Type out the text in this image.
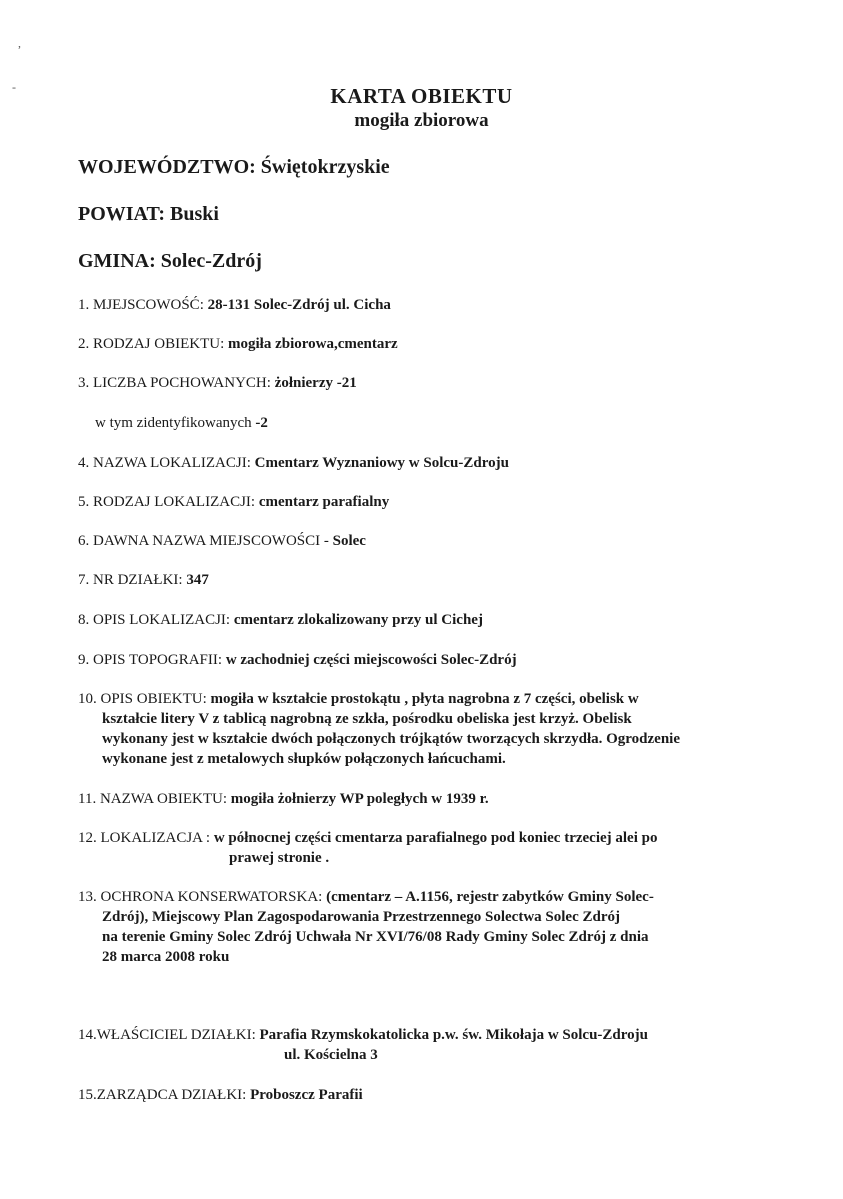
,
-	KARTA OBIEKTU
mogiła zbiorowa
WOJEWÓDZTWO: Świętokrzyskie
POWIAT: Buski
GMINA: Solec-Zdrój
1. MJEJSCOWOŚĆ: 28-131 Solec-Zdrój ul. Cicha
2. RODZAJ OBIEKTU: mogiła zbiorowa,cmentarz
3. LICZBA POCHOWANYCH: żołnierzy -21
w tym zidentyfikowanych -2
4. NAZWA LOKALIZACJI: Cmentarz Wyznaniowy w Solcu-Zdroju
5. RODZAJ LOKALIZACJI: cmentarz parafialny
6. DAWNA NAZWA MIEJSCOWOŚCI - Solec
7. NR DZIAŁKI: 347
8. OPIS LOKALIZACJI: cmentarz zlokalizowany przy ul Cichej
9. OPIS TOPOGRAFII: w zachodniej części miejscowości Solec-Zdrój
10. OPIS OBIEKTU: mogiła w kształcie prostokątu , płyta nagrobna z 7 części, obelisk w
kształcie litery V z tablicą nagrobną ze szkła, pośrodku obeliska jest krzyż. Obelisk
wykonany jest w kształcie dwóch połączonych trójkątów tworzących skrzydła. Ogrodzenie
wykonane jest z metalowych słupków połączonych łańcuchami.
11. NAZWA OBIEKTU: mogiła żołnierzy WP poległych w 1939 r.
12. LOKALIZACJA : w północnej części cmentarza parafialnego pod koniec trzeciej alei po
prawej stronie .
13. OCHRONA KONSERWATORSKA: (cmentarz – A.1156, rejestr zabytków Gminy Solec-
Zdrój), Miejscowy Plan Zagospodarowania Przestrzennego Solectwa Solec Zdrój
na terenie Gminy Solec Zdrój Uchwała Nr XVI/76/08 Rady Gminy Solec Zdrój z dnia
28 marca 2008 roku
14.WŁAŚCICIEL DZIAŁKI: Parafia Rzymskokatolicka p.w. św. Mikołaja w Solcu-Zdroju
ul. Kościelna 3
15.ZARZĄDCA DZIAŁKI: Proboszcz Parafii
